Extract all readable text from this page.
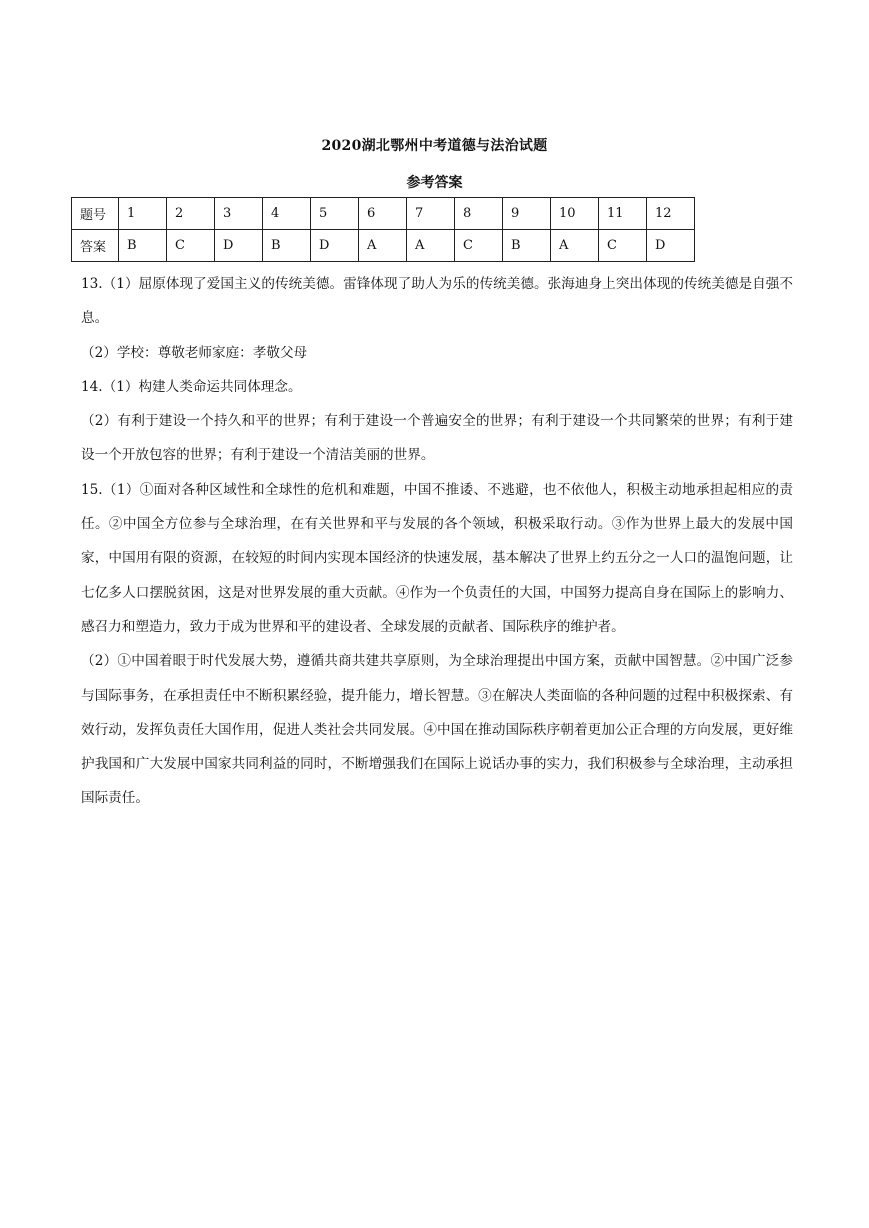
2020湖北鄂州中考道德与法治试题
参考答案
题号	1	2	3	4	5	6	7	8	9	10	11	12
答案	B	C	D	B	D	A	A	C	B	A	C	D

13.（1）屈原体现了爱国主义的传统美德。雷锋体现了助人为乐的传统美德。张海迪身上突出体现的传统美德是自强不息。

（2）学校：尊敬老师家庭：孝敬父母

14.（1）构建人类命运共同体理念。

（2）有利于建设一个持久和平的世界；有利于建设一个普遍安全的世界；有利于建设一个共同繁荣的世界；有利于建设一个开放包容的世界；有利于建设一个清洁美丽的世界。

15.（1）①面对各种区域性和全球性的危机和难题，中国不推诿、不逃避，也不依他人，积极主动地承担起相应的责任。②中国全方位参与全球治理，在有关世界和平与发展的各个领域，积极采取行动。③作为世界上最大的发展中国家，中国用有限的资源，在较短的时间内实现本国经济的快速发展，基本解决了世界上约五分之一人口的温饱问题，让七亿多人口摆脱贫困，这是对世界发展的重大贡献。④作为一个负责任的大国，中国努力提高自身在国际上的影响力、感召力和塑造力，致力于成为世界和平的建设者、全球发展的贡献者、国际秩序的维护者。

（2）①中国着眼于时代发展大势，遵循共商共建共享原则，为全球治理提出中国方案，贡献中国智慧。②中国广泛参与国际事务，在承担责任中不断积累经验，提升能力，增长智慧。③在解决人类面临的各种问题的过程中积极探索、有效行动，发挥负责任大国作用，促进人类社会共同发展。④中国在推动国际秩序朝着更加公正合理的方向发展，更好维护我国和广大发展中国家共同利益的同时，不断增强我们在国际上说话办事的实力，我们积极参与全球治理，主动承担国际责任。
